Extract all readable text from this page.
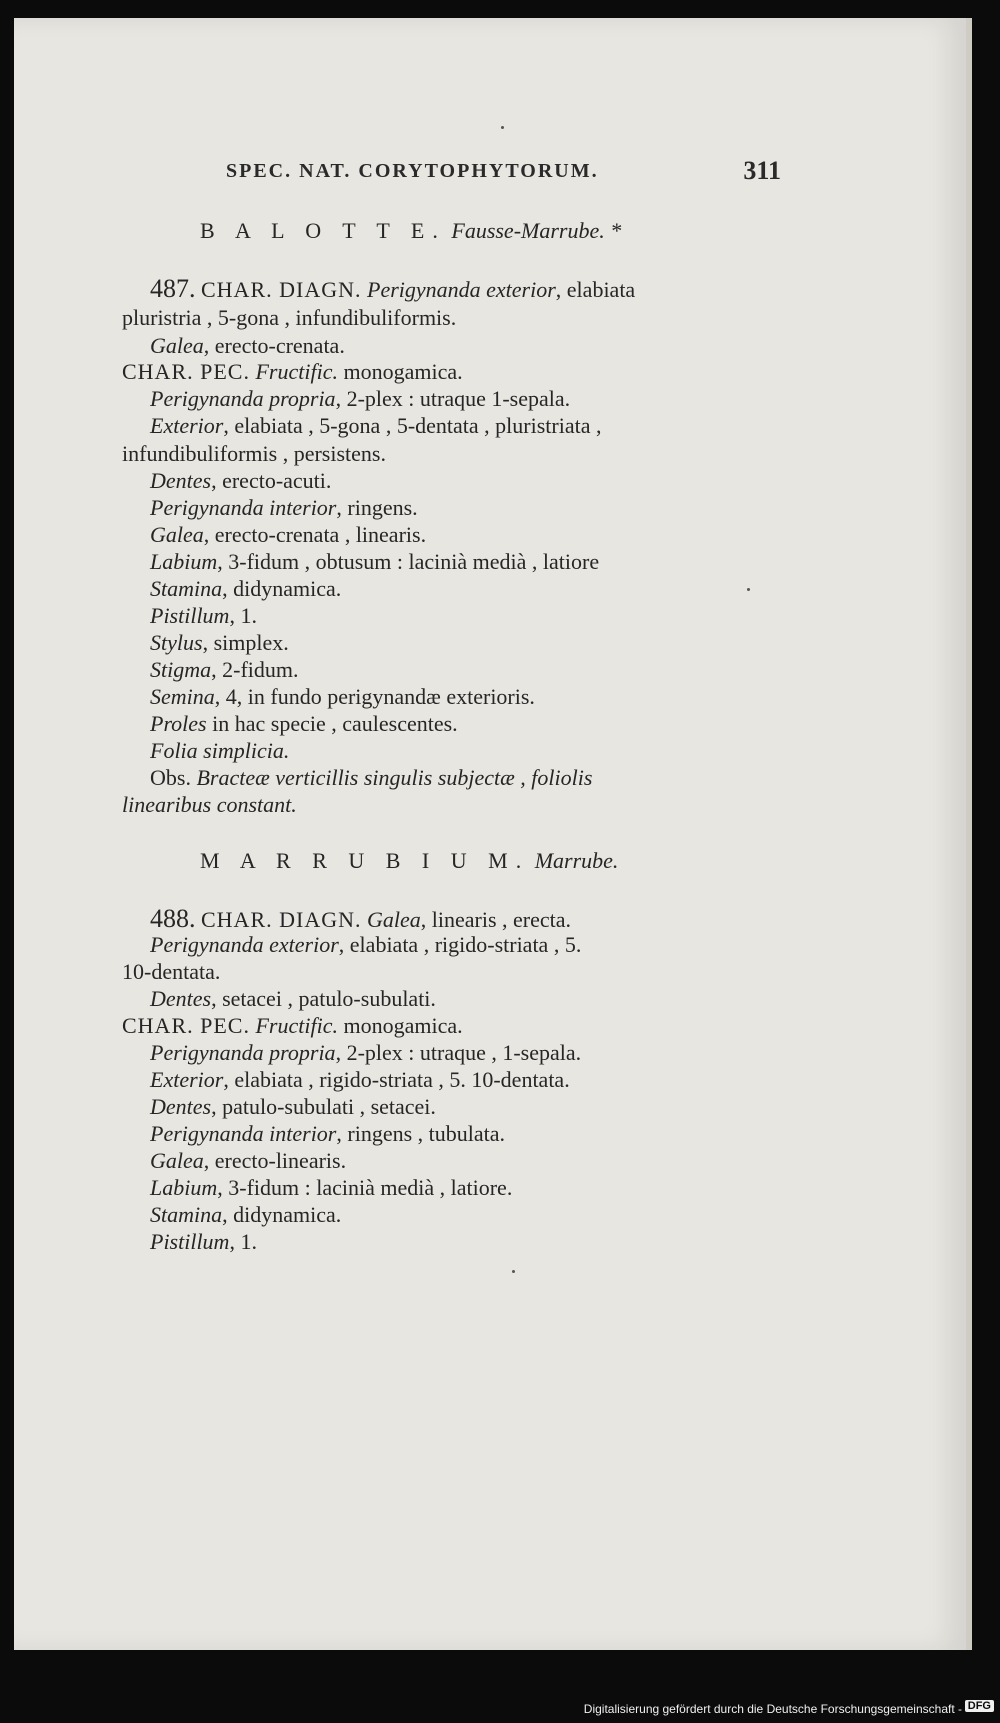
SPEC. NAT. CORYTOPHYTORUM.	311
B A L O T T E. Fausse-Marrube. *
487. CHAR. DIAGN. Perigynanda exterior, elabiata
pluristria , 5-gona , infundibuliformis.
Galea, erecto-crenata.
CHAR. PEC. Fructific. monogamica.
Perigynanda propria, 2-plex : utraque 1-sepala.
Exterior, elabiata , 5-gona , 5-dentata , pluristriata ,
infundibuliformis , persistens.
Dentes, erecto-acuti.
Perigynanda interior, ringens.
Galea, erecto-crenata , linearis.
Labium, 3-fidum , obtusum : lacinià medià , latiore
Stamina, didynamica.
Pistillum, 1.
Stylus, simplex.
Stigma, 2-fidum.
Semina, 4, in fundo perigynandæ exterioris.
Proles in hac specie , caulescentes.
Folia simplicia.
Obs. Bracteæ verticillis singulis subjectæ , foliolis
linearibus constant.
M A R R U B I U M. Marrube.
488. CHAR. DIAGN. Galea, linearis , erecta.
Perigynanda exterior, elabiata , rigido-striata , 5.
10-dentata.
Dentes, setacei , patulo-subulati.
CHAR. PEC. Fructific. monogamica.
Perigynanda propria, 2-plex : utraque , 1-sepala.
Exterior, elabiata , rigido-striata , 5. 10-dentata.
Dentes, patulo-subulati , setacei.
Perigynanda interior, ringens , tubulata.
Galea, erecto-linearis.
Labium, 3-fidum : lacinià medià , latiore.
Stamina, didynamica.
Pistillum, 1.
Digitalisierung gefördert durch die Deutsche Forschungsgemeinschaft - DFG
